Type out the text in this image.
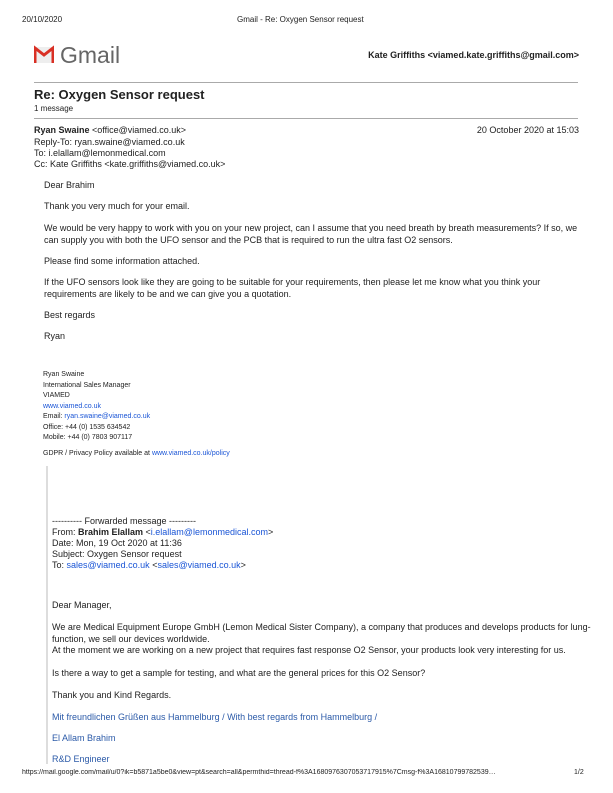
20/10/2020	Gmail - Re: Oxygen Sensor request
Gmail	Kate Griffiths <viamed.kate.griffiths@gmail.com>
Re: Oxygen Sensor request
1 message
Ryan Swaine <office@viamed.co.uk>	20 October 2020 at 15:03
Reply-To: ryan.swaine@viamed.co.uk
To: i.elallam@lemonmedical.com
Cc: Kate Griffiths <kate.griffiths@viamed.co.uk>
Dear Brahim
Thank you very much for your email.
We would be very happy to work with you on your new project, can I assume that you need breath by breath measurements? If so, we can supply you with both the UFO sensor and the PCB that is required to run the ultra fast O2 sensors.
Please find some information attached.
If the UFO sensors look like they are going to be suitable for your requirements, then please let me know what you think your requirements are likely to be and we can give you a quotation.
Best regards
Ryan
Ryan Swaine
International Sales Manager
VIAMED
www.viamed.co.uk
Email: ryan.swaine@viamed.co.uk
Office: +44 (0) 1535 634542
Mobile: +44 (0) 7803 907117
GDPR / Privacy Policy available at www.viamed.co.uk/policy
---------- Forwarded message ---------
From: Brahim Elallam <i.elallam@lemonmedical.com>
Date: Mon, 19 Oct 2020 at 11:36
Subject: Oxygen Sensor request
To: sales@viamed.co.uk <sales@viamed.co.uk>
Dear Manager,
We are Medical Equipment Europe GmbH (Lemon Medical Sister Company), a company that produces and develops products for lung-function, we sell our devices worldwide.
At the moment we are working on a new project that requires fast response O2 Sensor, your products look very interesting for us.
Is there a way to get a sample for testing, and what are the general prices for this O2 Sensor?
Thank you and Kind Regards.
Mit freundlichen Grüßen aus Hammelburg / With best regards from Hammelburg /
El Allam Brahim
R&D Engineer
https://mail.google.com/mail/u/0?ik=b5871a5be0&view=pt&search=all&permthid=thread-f%3A1680976307053717915%7Cmsg-f%3A16810799782539…	1/2
